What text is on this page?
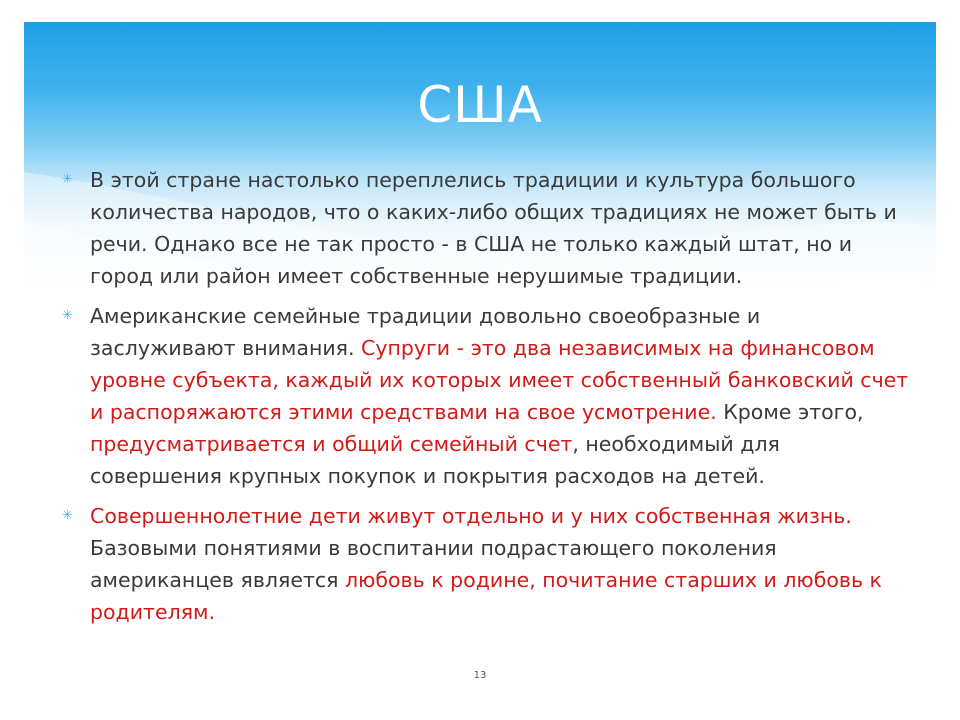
США
✳ В этой стране настолько переплелись традиции и культура большого количества народов, что о каких-либо общих традициях не может быть и речи. Однако все не так просто - в США не только каждый штат, но и город или район имеет собственные нерушимые традиции.
✳ Американские семейные традиции довольно своеобразные и заслуживают внимания. Супруги - это два независимых на финансовом уровне субъекта, каждый их которых имеет собственный банковский счет и распоряжаются этими средствами на свое усмотрение. Кроме этого, предусматривается и общий семейный счет, необходимый для совершения крупных покупок и покрытия расходов на детей.
✳ Совершеннолетние дети живут отдельно и у них собственная жизнь. Базовыми понятиями в воспитании подрастающего поколения американцев является любовь к родине, почитание старших и любовь к родителям.
13
